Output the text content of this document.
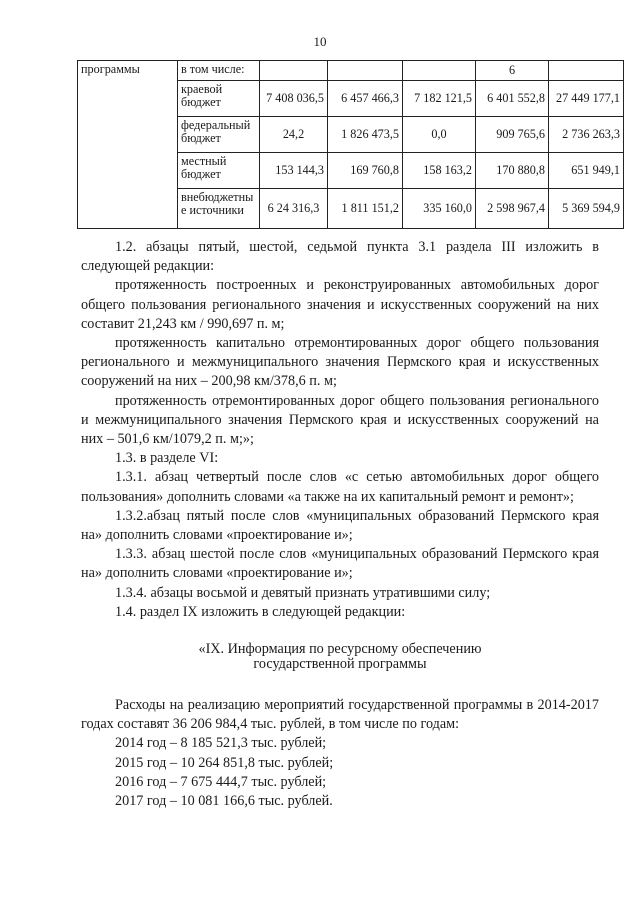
10
программы	в том числе:				6	
	краевой бюджет	7 408 036,5	6 457 466,3	7 182 121,5	6 401 552,8	27 449 177,1
	федеральный бюджет	24,2	1 826 473,5	0,0	909 765,6	2 736 263,3
	местный бюджет	153 144,3	169 760,8	158 163,2	170 880,8	651 949,1
	внебюджетны е источники	6 24 316,3	1 811 151,2	335 160,0	2 598 967,4	5 369 594,9

1.2. абзацы пятый, шестой, седьмой пункта 3.1 раздела III изложить в следующей редакции:

протяженность построенных и реконструированных автомобильных дорог общего пользования регионального значения и искусственных сооружений на них составит 21,243 км / 990,697 п. м;

протяженность капитально отремонтированных дорог общего пользования регионального и межмуниципального значения Пермского края и искусственных сооружений на них – 200,98 км/378,6 п. м;

протяженность отремонтированных дорог общего пользования регионального и межмуниципального значения Пермского края и искусственных сооружений на них – 501,6 км/1079,2 п. м;»;

1.3. в разделе VI:

1.3.1. абзац четвертый после слов «с сетью автомобильных дорог общего пользования» дополнить словами «а также на их капитальный ремонт и ремонт»;

1.3.2.абзац пятый после слов «муниципальных образований Пермского края на» дополнить словами «проектирование и»;

1.3.3. абзац шестой после слов «муниципальных образований Пермского края на» дополнить словами «проектирование и»;

1.3.4. абзацы восьмой и девятый признать утратившими силу;

1.4. раздел IX изложить в следующей редакции:

«IX. Информация по ресурсному обеспечению
государственной программы

Расходы на реализацию мероприятий государственной программы в 2014-2017 годах составят 36 206 984,4 тыс. рублей, в том числе по годам:

2014 год – 8 185 521,3 тыс. рублей;

2015 год – 10 264 851,8 тыс. рублей;

2016 год – 7 675 444,7 тыс. рублей;

2017 год – 10 081 166,6 тыс. рублей.
